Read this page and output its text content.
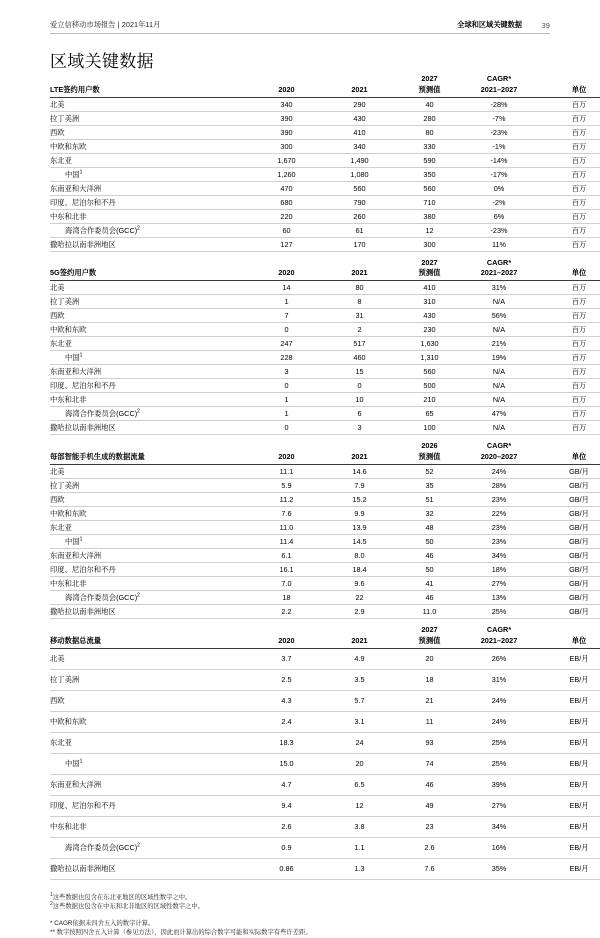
爱立信移动市场报告 | 2021年11月	全球和区域关键数据	39
区域关键数据
			2027	CAGR*	
LTE签约用户数	2020	2021	预测值	2021–2027	单位
北美	340	290	40	-28%	百万
拉丁美洲	390	430	280	-7%	百万
西欧	390	410	80	-23%	百万
中欧和东欧	300	340	330	-1%	百万
东北亚	1,670	1,490	590	-14%	百万
中国$^1$	1,260	1,080	350	-17%	百万
东南亚和大洋洲	470	560	560	0%	百万
印度、尼泊尔和不丹	680	790	710	-2%	百万
中东和北非	220	260	380	6%	百万
海湾合作委员会(GCC)$^2$	60	61	12	-23%	百万
撒哈拉以南非洲地区	127	170	300	11%	百万
			2027	CAGR*	
5G签约用户数	2020	2021	预测值	2021–2027	单位
北美	14	80	410	31%	百万
拉丁美洲	1	8	310	N/A	百万
西欧	7	31	430	56%	百万
中欧和东欧	0	2	230	N/A	百万
东北亚	247	517	1,630	21%	百万
中国$^1$	228	460	1,310	19%	百万
东南亚和大洋洲	3	15	560	N/A	百万
印度、尼泊尔和不丹	0	0	500	N/A	百万
中东和北非	1	10	210	N/A	百万
海湾合作委员会(GCC)$^2$	1	6	65	47%	百万
撒哈拉以南非洲地区	0	3	100	N/A	百万
			2026	CAGR*	
每部智能手机生成的数据流量	2020	2021	预测值	2020–2027	单位
北美	11.1	14.6	52	24%	GB/月
拉丁美洲	5.9	7.9	35	28%	GB/月
西欧	11.2	15.2	51	23%	GB/月
中欧和东欧	7.6	9.9	32	22%	GB/月
东北亚	11.0	13.9	48	23%	GB/月
中国$^1$	11.4	14.5	50	23%	GB/月
东南亚和大洋洲	6.1	8.0	46	34%	GB/月
印度、尼泊尔和不丹	16.1	18.4	50	18%	GB/月
中东和北非	7.0	9.6	41	27%	GB/月
海湾合作委员会(GCC)$^2$	18	22	46	13%	GB/月
撒哈拉以南非洲地区	2.2	2.9	11.0	25%	GB/月
			2027	CAGR*	
移动数据总流量	2020	2021	预测值	2021–2027	单位
北美	3.7	4.9	20	26%	EB/月
拉丁美洲	2.5	3.5	18	31%	EB/月
西欧	4.3	5.7	21	24%	EB/月
中欧和东欧	2.4	3.1	11	24%	EB/月
东北亚	18.3	24	93	25%	EB/月
中国$^1$	15.0	20	74	25%	EB/月
东南亚和大洋洲	4.7	6.5	46	39%	EB/月
印度、尼泊尔和不丹	9.4	12	49	27%	EB/月
中东和北非	2.6	3.8	23	34%	EB/月
海湾合作委员会(GCC)$^2$	0.9	1.1	2.6	16%	EB/月
撒哈拉以南非洲地区	0.86	1.3	7.6	35%	EB/月
$^1$这些数据也包含在东北亚地区的区域性数字之中。
$^2$这些数据也包含在中东和北非地区的区域性数字之中。
* CAGR依据未四舍五入的数字计算。
** 数字按照四舍五入计算（参见方法），因此而计算出的综合数字可能和实际数字有些许差距。
